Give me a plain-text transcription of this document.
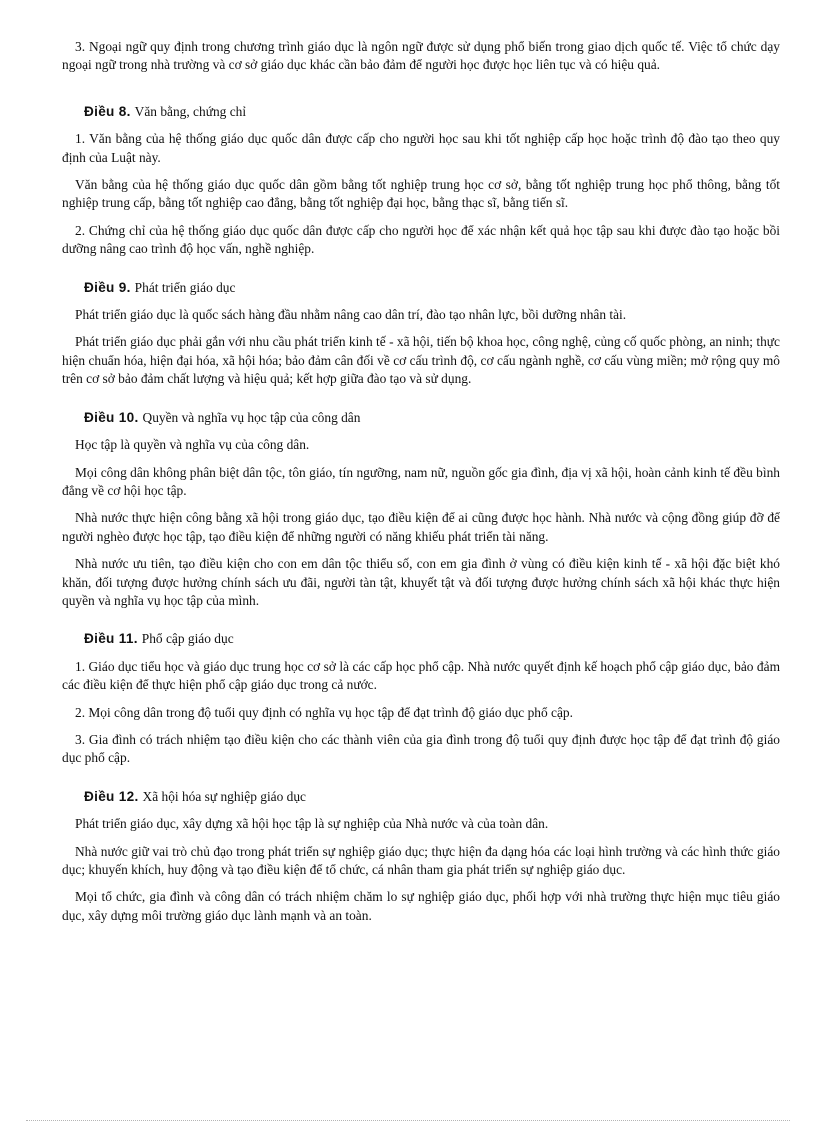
3. Ngoại ngữ quy định trong chương trình giáo dục là ngôn ngữ được sử dụng phổ biến trong giao dịch quốc tế. Việc tổ chức dạy ngoại ngữ trong nhà trường và cơ sở giáo dục khác cần bảo đảm để người học được học liên tục và có hiệu quả.

Điều 8. Văn bằng, chứng chỉ

1. Văn bằng của hệ thống giáo dục quốc dân được cấp cho người học sau khi tốt nghiệp cấp học hoặc trình độ đào tạo theo quy định của Luật này.

Văn bằng của hệ thống giáo dục quốc dân gồm bằng tốt nghiệp trung học cơ sở, bằng tốt nghiệp trung học phổ thông, bằng tốt nghiệp trung cấp, bằng tốt nghiệp cao đẳng, bằng tốt nghiệp đại học, bằng thạc sĩ, bằng tiến sĩ.

2. Chứng chỉ của hệ thống giáo dục quốc dân được cấp cho người học để xác nhận kết quả học tập sau khi được đào tạo hoặc bồi dưỡng nâng cao trình độ học vấn, nghề nghiệp.

Điều 9. Phát triển giáo dục

Phát triển giáo dục là quốc sách hàng đầu nhằm nâng cao dân trí, đào tạo nhân lực, bồi dưỡng nhân tài.

Phát triển giáo dục phải gắn với nhu cầu phát triển kinh tế - xã hội, tiến bộ khoa học, công nghệ, củng cố quốc phòng, an ninh; thực hiện chuẩn hóa, hiện đại hóa, xã hội hóa; bảo đảm cân đối về cơ cấu trình độ, cơ cấu ngành nghề, cơ cấu vùng miền; mở rộng quy mô trên cơ sở bảo đảm chất lượng và hiệu quả; kết hợp giữa đào tạo và sử dụng.

Điều 10. Quyền và nghĩa vụ học tập của công dân

Học tập là quyền và nghĩa vụ của công dân.

Mọi công dân không phân biệt dân tộc, tôn giáo, tín ngưỡng, nam nữ, nguồn gốc gia đình, địa vị xã hội, hoàn cảnh kinh tế đều bình đẳng về cơ hội học tập.

Nhà nước thực hiện công bằng xã hội trong giáo dục, tạo điều kiện để ai cũng được học hành. Nhà nước và cộng đồng giúp đỡ để người nghèo được học tập, tạo điều kiện để những người có năng khiếu phát triển tài năng.

Nhà nước ưu tiên, tạo điều kiện cho con em dân tộc thiểu số, con em gia đình ở vùng có điều kiện kinh tế - xã hội đặc biệt khó khăn, đối tượng được hưởng chính sách ưu đãi, người tàn tật, khuyết tật và đối tượng được hưởng chính sách xã hội khác thực hiện quyền và nghĩa vụ học tập của mình.

Điều 11. Phổ cập giáo dục

1. Giáo dục tiểu học và giáo dục trung học cơ sở là các cấp học phổ cập. Nhà nước quyết định kế hoạch phổ cập giáo dục, bảo đảm các điều kiện để thực hiện phổ cập giáo dục trong cả nước.

2. Mọi công dân trong độ tuổi quy định có nghĩa vụ học tập để đạt trình độ giáo dục phổ cập.

3. Gia đình có trách nhiệm tạo điều kiện cho các thành viên của gia đình trong độ tuổi quy định được học tập để đạt trình độ giáo dục phổ cập.

Điều 12. Xã hội hóa sự nghiệp giáo dục

Phát triển giáo dục, xây dựng xã hội học tập là sự nghiệp của Nhà nước và của toàn dân.

Nhà nước giữ vai trò chủ đạo trong phát triển sự nghiệp giáo dục; thực hiện đa dạng hóa các loại hình trường và các hình thức giáo dục; khuyến khích, huy động và tạo điều kiện để tổ chức, cá nhân tham gia phát triển sự nghiệp giáo dục.

Mọi tổ chức, gia đình và công dân có trách nhiệm chăm lo sự nghiệp giáo dục, phối hợp với nhà trường thực hiện mục tiêu giáo dục, xây dựng môi trường giáo dục lành mạnh và an toàn.
